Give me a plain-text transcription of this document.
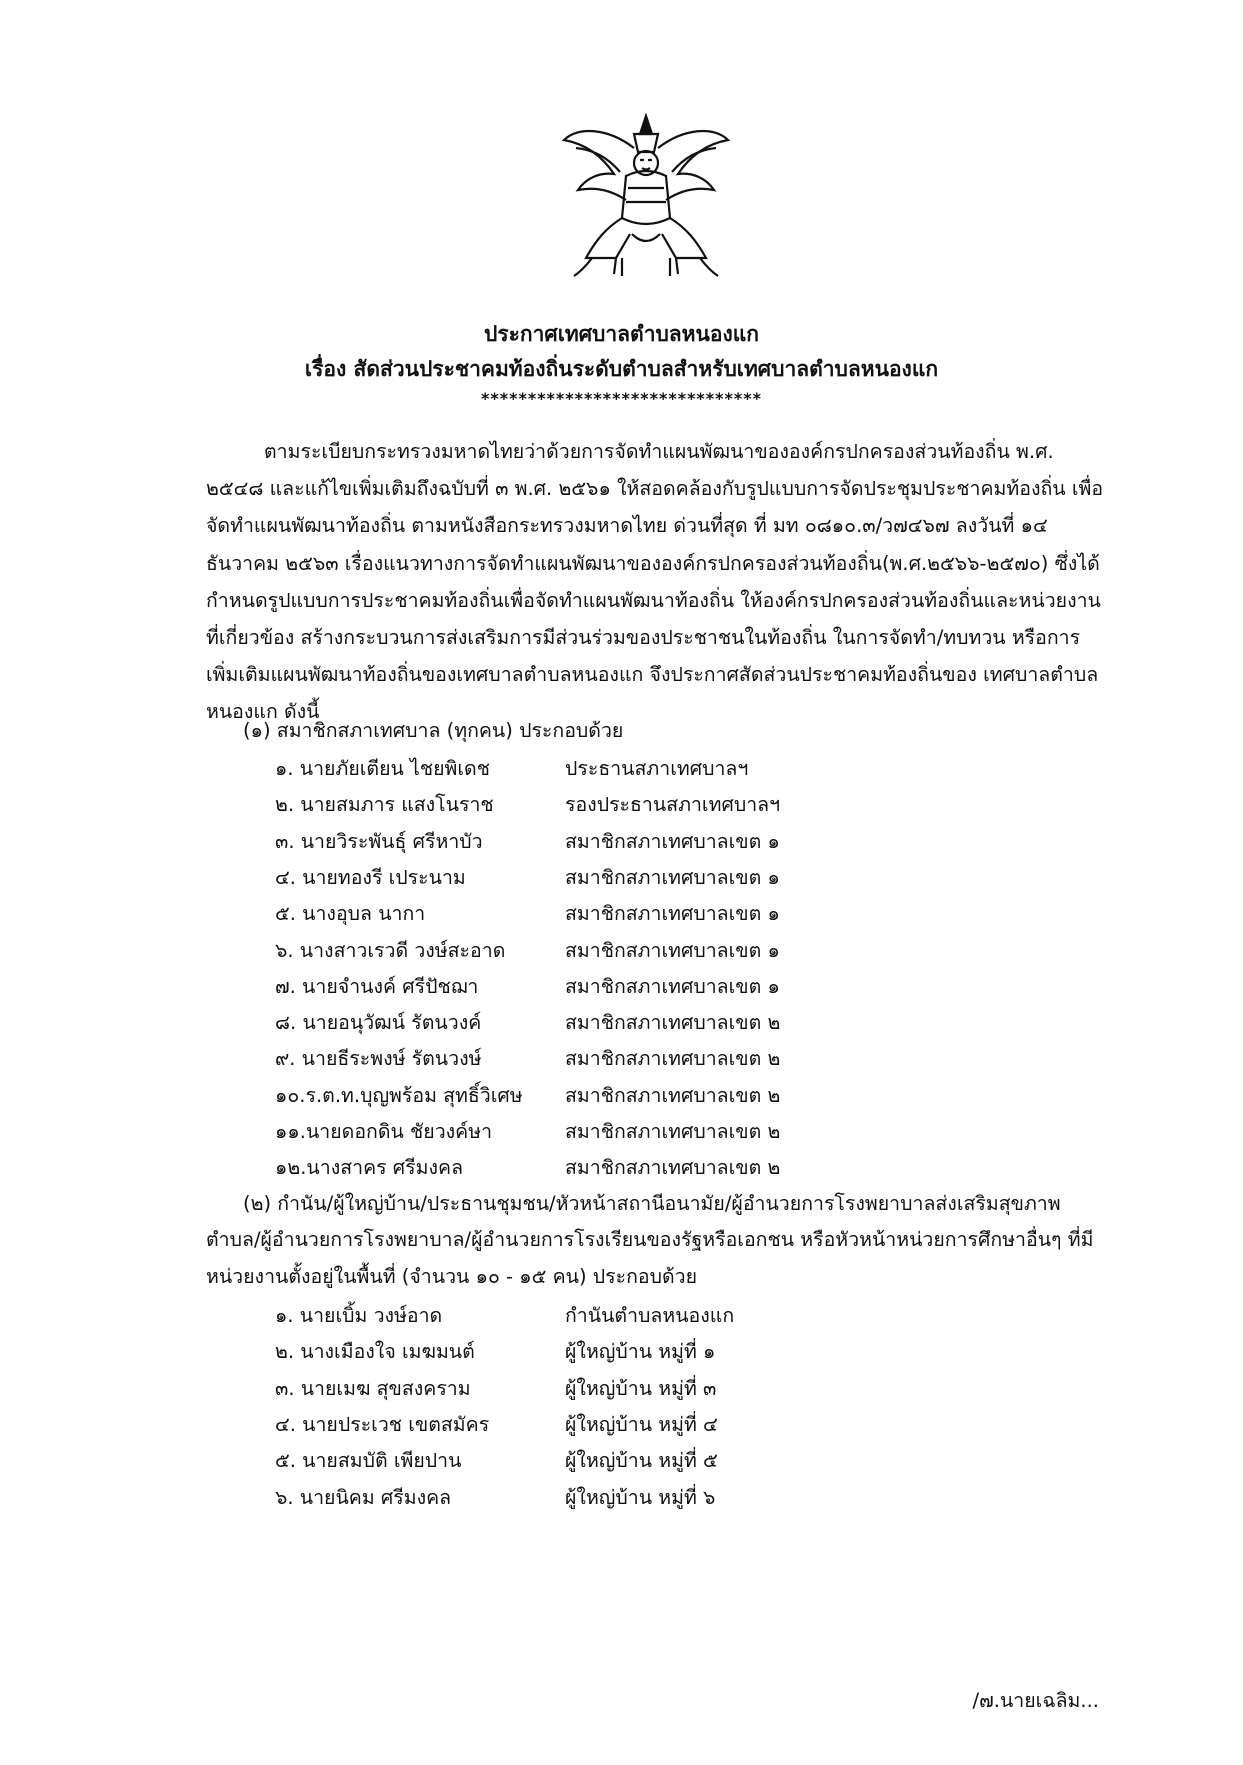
ประกาศเทศบาลตำบลหนองแก
เรื่อง สัดส่วนประชาคมท้องถิ่นระดับตำบลสำหรับเทศบาลตำบลหนองแก
******************************
ตามระเบียบกระทรวงมหาดไทยว่าด้วยการจัดทำแผนพัฒนาขององค์กรปกครองส่วนท้องถิ่น พ.ศ. ๒๕๔๘ และแก้ไขเพิ่มเติมถึงฉบับที่ ๓ พ.ศ. ๒๕๖๑ ให้สอดคล้องกับรูปแบบการจัดประชุมประชาคมท้องถิ่น เพื่อจัดทำแผนพัฒนาท้องถิ่น ตามหนังสือกระทรวงมหาดไทย ด่วนที่สุด ที่ มท ๐๘๑๐.๓/ว๗๔๖๗ ลงวันที่ ๑๔ ธันวาคม ๒๕๖๓ เรื่องแนวทางการจัดทำแผนพัฒนาขององค์กรปกครองส่วนท้องถิ่น(พ.ศ.๒๕๖๖-๒๕๗๐) ซึ่งได้กำหนดรูปแบบการประชาคมท้องถิ่นเพื่อจัดทำแผนพัฒนาท้องถิ่น ให้องค์กรปกครองส่วนท้องถิ่นและหน่วยงานที่เกี่ยวข้อง สร้างกระบวนการส่งเสริมการมีส่วนร่วมของประชาชนในท้องถิ่น ในการจัดทำ/ทบทวน หรือการเพิ่มเติมแผนพัฒนาท้องถิ่นของเทศบาลตำบลหนองแก จึงประกาศสัดส่วนประชาคมท้องถิ่นของ เทศบาลตำบลหนองแก ดังนี้
(๑) สมาชิกสภาเทศบาล (ทุกคน) ประกอบด้วย
๑. นายภัยเตียน ไชยพิเดช	ประธานสภาเทศบาลฯ
๒. นายสมภาร แสงโนราช	รองประธานสภาเทศบาลฯ
๓. นายวิระพันธุ์ ศรีหาบัว	สมาชิกสภาเทศบาลเขต ๑
๔. นายทองรี เประนาม	สมาชิกสภาเทศบาลเขต ๑
๕. นางอุบล นากา	สมาชิกสภาเทศบาลเขต ๑
๖. นางสาวเรวดี วงษ์สะอาด	สมาชิกสภาเทศบาลเขต ๑
๗. นายจำนงค์ ศรีปัชฌา	สมาชิกสภาเทศบาลเขต ๑
๘. นายอนุวัฒน์ รัตนวงค์	สมาชิกสภาเทศบาลเขต ๒
๙. นายธีระพงษ์ รัตนวงษ์	สมาชิกสภาเทศบาลเขต ๒
๑๐.ร.ต.ท.บุญพร้อม สุทธิ์วิเศษ สมาชิกสภาเทศบาลเขต ๒
๑๑.นายดอกดิน ชัยวงค์ษา	สมาชิกสภาเทศบาลเขต ๒
๑๒.นางสาคร ศรีมงคล	สมาชิกสภาเทศบาลเขต ๒
(๒) กำนัน/ผู้ใหญ่บ้าน/ประธานชุมชน/หัวหน้าสถานีอนามัย/ผู้อำนวยการโรงพยาบาลส่งเสริมสุขภาพ
ตำบล/ผู้อำนวยการโรงพยาบาล/ผู้อำนวยการโรงเรียนของรัฐหรือเอกชน หรือหัวหน้าหน่วยการศึกษาอื่นๆ ที่มี
หน่วยงานตั้งอยู่ในพื้นที่ (จำนวน ๑๐ - ๑๕ คน) ประกอบด้วย
๑. นายเบิ้ม วงษ์อาด	กำนันตำบลหนองแก
๒. นางเมืองใจ เมฆมนต์	ผู้ใหญ่บ้าน หมู่ที่ ๑
๓. นายเมฆ สุขสงคราม	ผู้ใหญ่บ้าน หมู่ที่ ๓
๔. นายประเวช เขตสมัคร	ผู้ใหญ่บ้าน หมู่ที่ ๔
๕. นายสมบัติ เพียปาน	ผู้ใหญ่บ้าน หมู่ที่ ๕
๖. นายนิคม ศรีมงคล	ผู้ใหญ่บ้าน หมู่ที่ ๖
/๗.นายเฉลิม...
